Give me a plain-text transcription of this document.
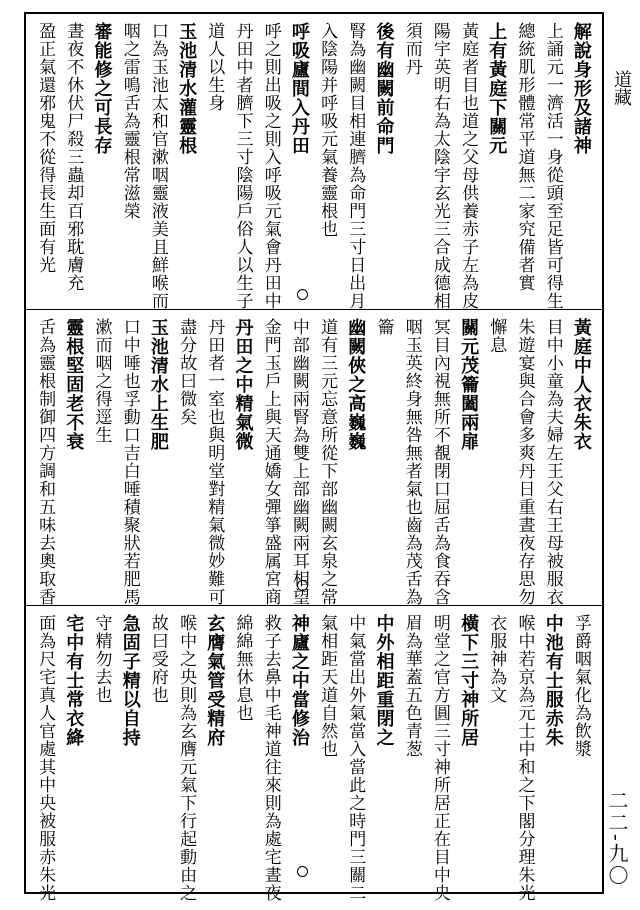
解說身形及諸神
上誦元一濟活一身從頭至足皆可得生
總統肌形體常平道無二家究備者實
上有黃庭下關元
黃庭者目也道之父母供養赤子左為皮
陽宇英明右為太陰宇玄光三合成德相
須而丹
後有幽闕前命門
腎為幽闕目相連臍為命門三寸日出月
入陰陽并呼吸元氣養靈根也
呼吸廬間入丹田
呼之則出吸之則入呼吸元氣會丹田中
丹田中者臍下三寸陰陽戶俗人以生子
道人以生身
玉池清水灌靈根
口為玉池太和官漱咽靈液美且鮮喉而
咽之雷鳴舌為靈根常滋榮
審能修之可長存
晝夜不休伏尸殺三蟲却百邪耽膚充
盈正氣還邪鬼不從得長生面有光
黃庭中人衣朱衣
目中小童為夫婦左王父右王母被服衣
朱遊宴與合會多爽丹日重晝夜存思勿
懈息
關元茂籥闔兩扉
冥目內視無所不覩閉口屈舌為食吞含
咽玉英終身無咎無者氣也齒為茂舌為
籥
幽闕俠之高巍巍
道有三元忘意所從下部幽闕玄泉之常
中部幽闕兩腎為雙上部幽闕兩耳相望
金門玉戶上與天通嬌女彈箏盛属宮商
丹田之中精氣微
丹田者一室也與明堂對精氣微妙難可
盡分故曰微矣
玉池清水上生肥
口中唾也孚動口吉白唾積聚狀若肥馬
漱而咽之得逕生
靈根堅固老不衰
舌為靈根制御四方調和五味去奧取香
孚爵咽氣化為飲漿
中池有士服赤朱
喉中若京為元士中和之下閣分理朱光
衣服神為文
橫下三寸神所居
明堂之官方圓三寸神所居正在目中央
眉為華蓋五色青葱
中外相距重閉之
中氣當出外氣當入當此之時門三關二
氣相距天道自然也
神廬之中當修治
救子去鼻中毛神道往來則為處宅晝夜
綿綿無休息也
玄膺氣管受精府
喉中之央則為玄膺元氣下行起動由之
故曰受府也
急固子精以自持
守精勿去也
宅中有士常衣絳
面為尺宅真人官處其中央被服赤朱光
道藏
二二-九〇
